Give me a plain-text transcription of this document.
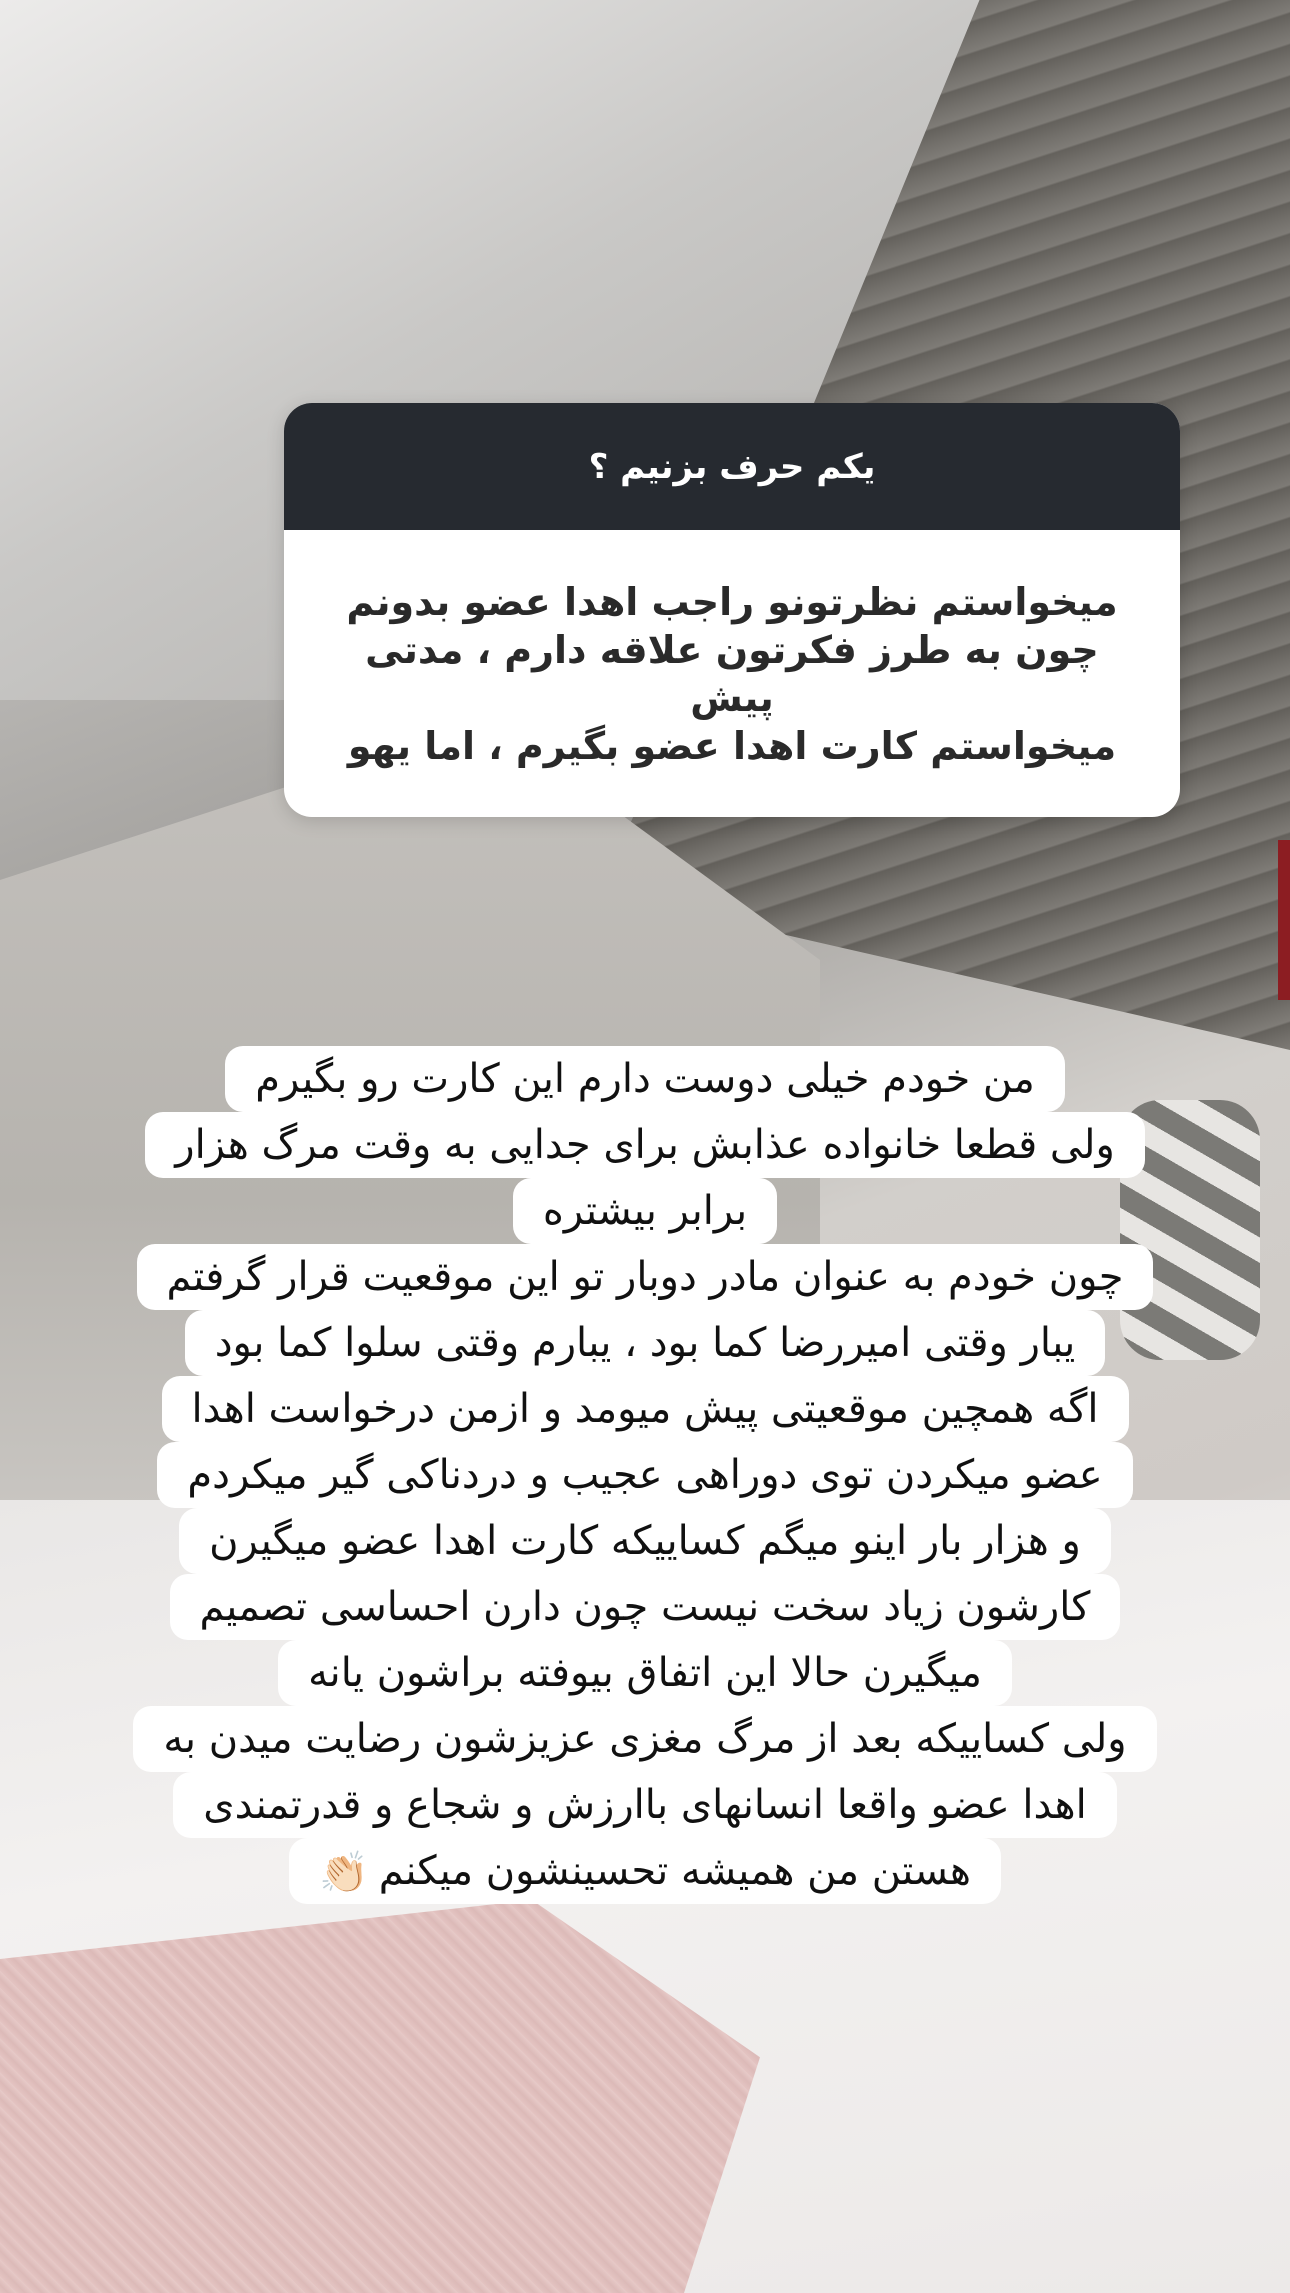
یکم حرف بزنیم ؟
میخواستم نظرتونو راجب اهدا عضو بدونم
چون به طرز فکرتون علاقه دارم ، مدتی پیش
میخواستم کارت اهدا عضو بگیرم ، اما یهو
من خودم خیلی دوست دارم این کارت رو بگیرم
ولی قطعا خانواده عذابش برای جدایی به وقت مرگ هزار
برابر بیشتره
چون خودم به عنوان مادر دوبار تو این موقعیت قرار گرفتم
یبار وقتی امیررضا کما بود ، یبارم وقتی سلوا کما بود
اگه همچین موقعیتی پیش میومد و ازمن درخواست اهدا
عضو میکردن توی دوراهی عجیب و دردناکی گیر میکردم
و هزار بار اینو میگم کساییکه کارت اهدا عضو میگیرن
کارشون زیاد سخت نیست چون دارن احساسی تصمیم
میگیرن حالا این اتفاق بیوفته براشون یانه
ولی کساییکه بعد از مرگ مغزی عزیزشون رضایت میدن به
اهدا عضو واقعا انسانهای باارزش و شجاع و قدرتمندی
هستن من همیشه تحسینشون میکنم👏🏻
